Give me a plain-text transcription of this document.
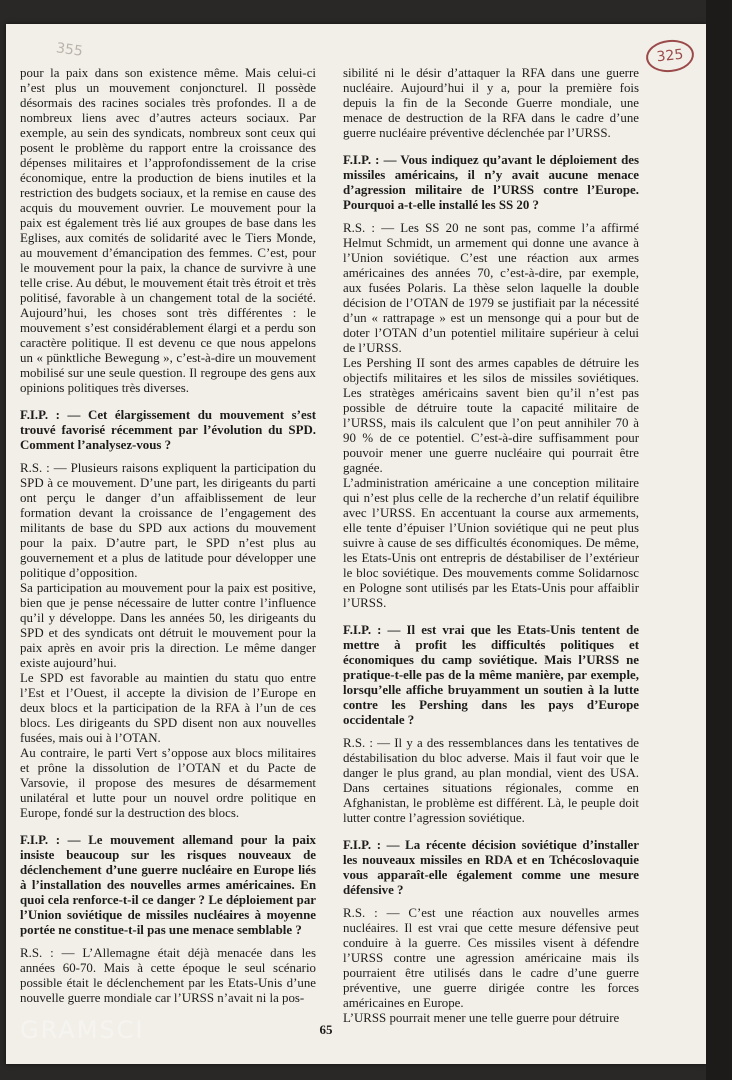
355	325

pour la paix dans son existence même. Mais celui-ci n’est plus un mouvement conjoncturel. Il possède désormais des racines sociales très profondes. Il a de nombreux liens avec d’autres acteurs sociaux. Par exemple, au sein des syndicats, nombreux sont ceux qui posent le problème du rapport entre la croissance des dépenses militaires et l’approfondissement de la crise économique, entre la production de biens inutiles et la restriction des budgets sociaux, et la remise en cause des acquis du mouvement ouvrier. Le mouvement pour la paix est également très lié aux groupes de base dans les Eglises, aux comités de solidarité avec le Tiers Monde, au mouvement d’émancipation des femmes. C’est, pour le mouvement pour la paix, la chance de survivre à une telle crise. Au début, le mouvement était très étroit et très politisé, favorable à un changement total de la société. Aujourd’hui, les choses sont très différentes : le mouvement s’est considérablement élargi et a perdu son caractère politique. Il est devenu ce que nous appelons un « pünktliche Bewegung », c’est-à-dire un mouvement mobilisé sur une seule question. Il regroupe des gens aux opinions politiques très diverses.

F.I.P. : — Cet élargissement du mouvement s’est trouvé favorisé récemment par l’évolution du SPD. Comment l’analysez-vous ?

R.S. : — Plusieurs raisons expliquent la participation du SPD à ce mouvement. D’une part, les dirigeants du parti ont perçu le danger d’un affaiblissement de leur formation devant la croissance de l’engagement des militants de base du SPD aux actions du mouvement pour la paix. D’autre part, le SPD n’est plus au gouvernement et a plus de latitude pour développer une politique d’opposition.

Sa participation au mouvement pour la paix est positive, bien que je pense nécessaire de lutter contre l’influence qu’il y développe. Dans les années 50, les dirigeants du SPD et des syndicats ont détruit le mouvement pour la paix après en avoir pris la direction. Le même danger existe aujourd’hui.

Le SPD est favorable au maintien du statu quo entre l’Est et l’Ouest, il accepte la division de l’Europe en deux blocs et la participation de la RFA à l’un de ces blocs. Les dirigeants du SPD disent non aux nouvelles fusées, mais oui à l’OTAN.

Au contraire, le parti Vert s’oppose aux blocs militaires et prône la dissolution de l’OTAN et du Pacte de Varsovie, il propose des mesures de désarmement unilatéral et lutte pour un nouvel ordre politique en Europe, fondé sur la destruction des blocs.

F.I.P. : — Le mouvement allemand pour la paix insiste beaucoup sur les risques nouveaux de déclenchement d’une guerre nucléaire en Europe liés à l’installation des nouvelles armes américaines. En quoi cela renforce-t-il ce danger ? Le déploiement par l’Union soviétique de missiles nucléaires à moyenne portée ne constitue-t-il pas une menace semblable ?

R.S. : — L’Allemagne était déjà menacée dans les années 60-70. Mais à cette époque le seul scénario possible était le déclenchement par les Etats-Unis d’une nouvelle guerre mondiale car l’URSS n’avait ni la pos-

sibilité ni le désir d’attaquer la RFA dans une guerre nucléaire. Aujourd’hui il y a, pour la première fois depuis la fin de la Seconde Guerre mondiale, une menace de destruction de la RFA dans le cadre d’une guerre nucléaire préventive déclenchée par l’URSS.

F.I.P. : — Vous indiquez qu’avant le déploiement des missiles américains, il n’y avait aucune menace d’agression militaire de l’URSS contre l’Europe. Pourquoi a-t-elle installé les SS 20 ?

R.S. : — Les SS 20 ne sont pas, comme l’a affirmé Helmut Schmidt, un armement qui donne une avance à l’Union soviétique. C’est une réaction aux armes américaines des années 70, c’est-à-dire, par exemple, aux fusées Polaris. La thèse selon laquelle la double décision de l’OTAN de 1979 se justifiait par la nécessité d’un « rattrapage » est un mensonge qui a pour but de doter l’OTAN d’un potentiel militaire supérieur à celui de l’URSS.

Les Pershing II sont des armes capables de détruire les objectifs militaires et les silos de missiles soviétiques. Les stratèges américains savent bien qu’il n’est pas possible de détruire toute la capacité militaire de l’URSS, mais ils calculent que l’on peut annihiler 70 à 90 % de ce potentiel. C’est-à-dire suffisamment pour pouvoir mener une guerre nucléaire qui pourrait être gagnée.

L’administration américaine a une conception militaire qui n’est plus celle de la recherche d’un relatif équilibre avec l’URSS. En accentuant la course aux armements, elle tente d’épuiser l’Union soviétique qui ne peut plus suivre à cause de ses difficultés économiques. De même, les Etats-Unis ont entrepris de déstabiliser de l’extérieur le bloc soviétique. Des mouvements comme Solidarnosc en Pologne sont utilisés par les Etats-Unis pour affaiblir l’URSS.

F.I.P. : — Il est vrai que les Etats-Unis tentent de mettre à profit les difficultés politiques et économiques du camp soviétique. Mais l’URSS ne pratique-t-elle pas de la même manière, par exemple, lorsqu’elle affiche bruyamment un soutien à la lutte contre les Pershing dans les pays d’Europe occidentale ?

R.S. : — Il y a des ressemblances dans les tentatives de déstabilisation du bloc adverse. Mais il faut voir que le danger le plus grand, au plan mondial, vient des USA. Dans certaines situations régionales, comme en Afghanistan, le problème est différent. Là, le peuple doit lutter contre l’agression soviétique.

F.I.P. : — La récente décision soviétique d’installer les nouveaux missiles en RDA et en Tchécoslovaquie vous apparaît-elle également comme une mesure défensive ?

R.S. : — C’est une réaction aux nouvelles armes nucléaires. Il est vrai que cette mesure défensive peut conduire à la guerre. Ces missiles visent à défendre l’URSS contre une agression américaine mais ils pourraient être utilisés dans le cadre d’une guerre préventive, une guerre dirigée contre les forces américaines en Europe.

L’URSS pourrait mener une telle guerre pour détruire

65
GRAMSCI
